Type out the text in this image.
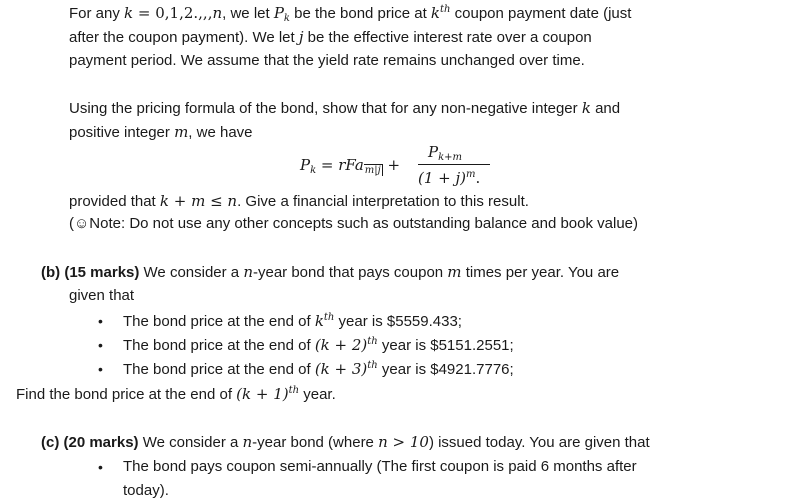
For any k = 0,1,2.,,,n, we let $P_k$ be the bond price at $k^{th}$ coupon payment date (just
after the coupon payment). We let j be the effective interest rate over a coupon
payment period. We assume that the yield rate remains unchanged over time.
Using the pricing formula of the bond, show that for any non-negative integer k and
positive integer m, we have
$P_k = rFa_{m|j}$ +
$P_{k+m}$
$(1 + j)^m$.
provided that k + m ≤ n. Give a financial interpretation to this result.
(☺Note: Do not use any other concepts such as outstanding balance and book value)
(b) (15 marks) We consider a n-year bond that pays coupon m times per year. You are
given that
• The bond price at the end of $k^{th}$ year is $5559.433;
• The bond price at the end of $(k + 2)^{th}$ year is $5151.2551;
• The bond price at the end of $(k + 3)^{th}$ year is $4921.7776;
Find the bond price at the end of $(k + 1)^{th}$ year.
(c) (20 marks) We consider a n-year bond (where n > 10) issued today. You are given that
• The bond pays coupon semi-annually (The first coupon is paid 6 months after
today).
